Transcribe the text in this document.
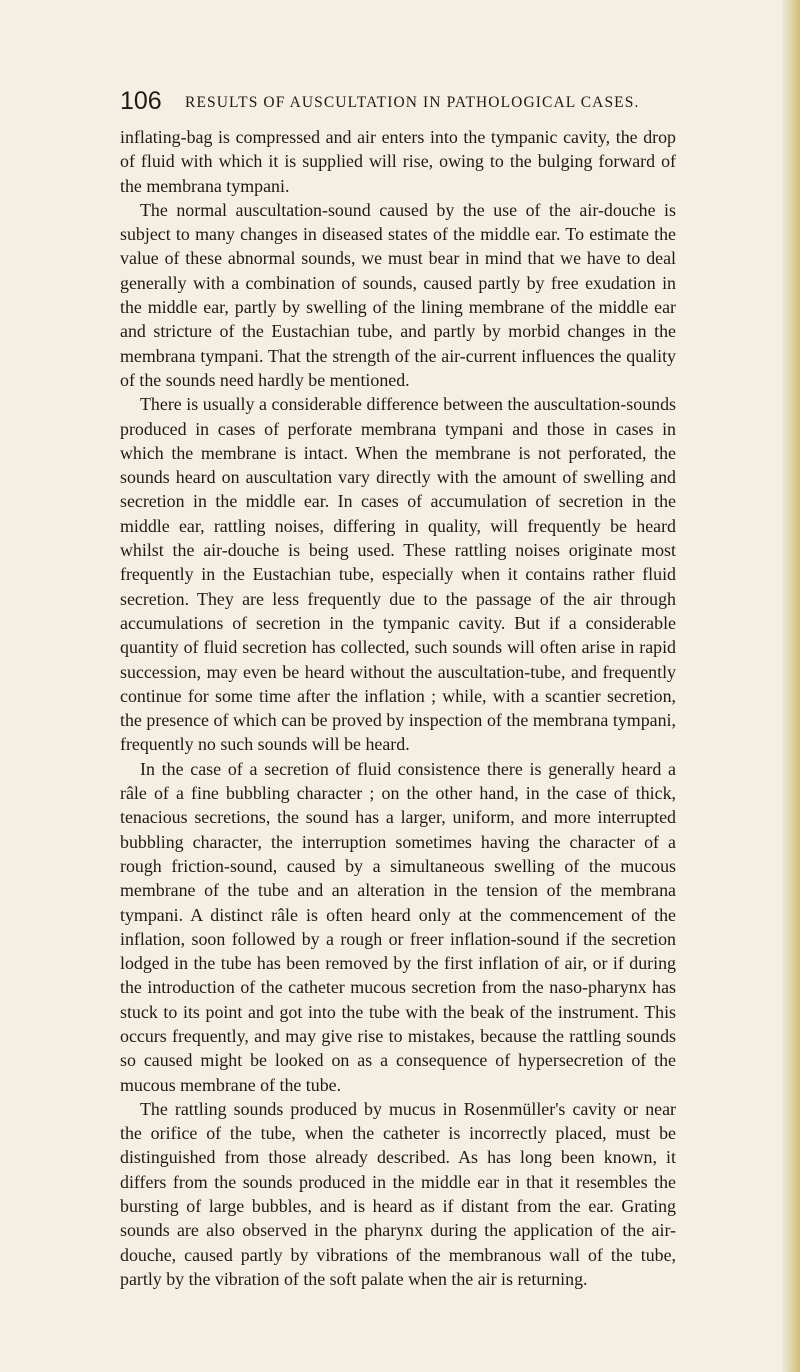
106 RESULTS OF AUSCULTATION IN PATHOLOGICAL CASES.

inflating-bag is compressed and air enters into the tympanic cavity, the drop of fluid with which it is supplied will rise, owing to the bulging forward of the membrana tympani.

The normal auscultation-sound caused by the use of the air-douche is subject to many changes in diseased states of the middle ear. To estimate the value of these abnormal sounds, we must bear in mind that we have to deal generally with a combination of sounds, caused partly by free exudation in the middle ear, partly by swelling of the lining membrane of the middle ear and stricture of the Eustachian tube, and partly by morbid changes in the membrana tympani. That the strength of the air-current influences the quality of the sounds need hardly be mentioned.

There is usually a considerable difference between the auscultation-sounds produced in cases of perforate membrana tympani and those in cases in which the membrane is intact. When the membrane is not perforated, the sounds heard on auscultation vary directly with the amount of swelling and secretion in the middle ear. In cases of accumulation of secretion in the middle ear, rattling noises, differing in quality, will frequently be heard whilst the air-douche is being used. These rattling noises originate most frequently in the Eustachian tube, especially when it contains rather fluid secretion. They are less frequently due to the passage of the air through accumulations of secretion in the tympanic cavity. But if a considerable quantity of fluid secretion has collected, such sounds will often arise in rapid succession, may even be heard without the auscultation-tube, and frequently continue for some time after the inflation ; while, with a scantier secretion, the presence of which can be proved by inspection of the membrana tympani, frequently no such sounds will be heard.

In the case of a secretion of fluid consistence there is generally heard a râle of a fine bubbling character ; on the other hand, in the case of thick, tenacious secretions, the sound has a larger, uniform, and more interrupted bubbling character, the interruption sometimes having the character of a rough friction-sound, caused by a simultaneous swelling of the mucous membrane of the tube and an alteration in the tension of the membrana tympani. A distinct râle is often heard only at the commencement of the inflation, soon followed by a rough or freer inflation-sound if the secretion lodged in the tube has been removed by the first inflation of air, or if during the introduction of the catheter mucous secretion from the naso-pharynx has stuck to its point and got into the tube with the beak of the instrument. This occurs frequently, and may give rise to mistakes, because the rattling sounds so caused might be looked on as a consequence of hypersecretion of the mucous membrane of the tube.

The rattling sounds produced by mucus in Rosenmüller's cavity or near the orifice of the tube, when the catheter is incorrectly placed, must be distinguished from those already described. As has long been known, it differs from the sounds produced in the middle ear in that it resembles the bursting of large bubbles, and is heard as if distant from the ear. Grating sounds are also observed in the pharynx during the application of the air-douche, caused partly by vibrations of the membranous wall of the tube, partly by the vibration of the soft palate when the air is returning.
